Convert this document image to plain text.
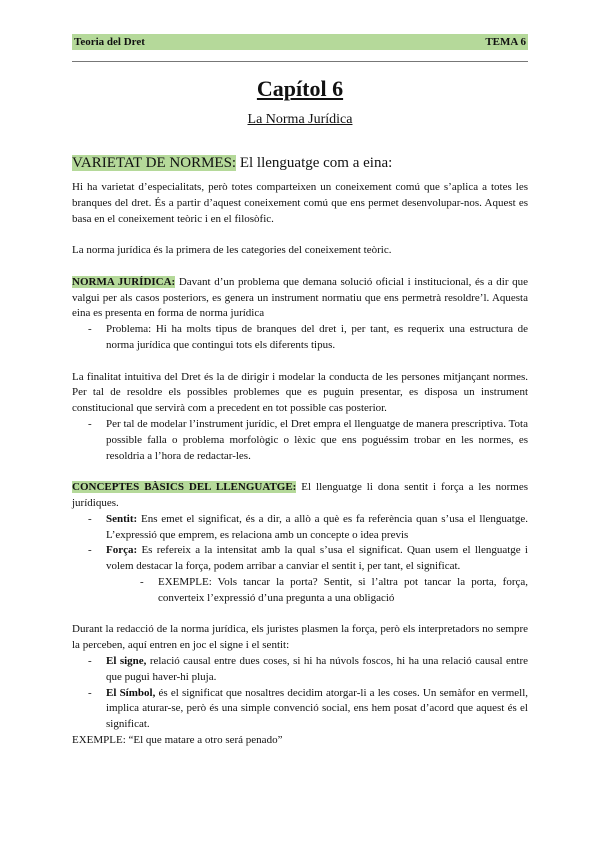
Teoria del Dret	TEMA 6
Capítol 6
La Norma Jurídica
VARIETAT DE NORMES: El llenguatge com a eina:

Hi ha varietat d’especialitats, però totes comparteixen un coneixement comú que s’aplica a totes les branques del dret. És a partir d’aquest coneixement comú que ens permet desenvolupar-nos. Aquest es basa en el coneixement teòric i en el filosòfic.

La norma jurídica és la primera de les categories del coneixement teòric.

NORMA JURÍDICA: Davant d’un problema que demana solució oficial i institucional, és a dir que valgui per als casos posteriors, es genera un instrument normatiu que ens permetrà resoldre’l. Aquesta eina es presenta en forma de norma jurídica

- Problema: Hi ha molts tipus de branques del dret i, per tant, es requerix una estructura de norma jurídica que contingui tots els diferents tipus.

La finalitat intuitiva del Dret és la de dirigir i modelar la conducta de les persones mitjançant normes. Per tal de resoldre els possibles problemes que es puguin presentar, es disposa un instrument constitucional que servirà com a precedent en tot possible cas posterior.

- Per tal de modelar l’instrument jurídic, el Dret empra el llenguatge de manera prescriptiva. Tota possible falla o problema morfològic o lèxic que ens poguéssim trobar en les normes, es resoldria a l’hora de redactar-les.

CONCEPTES BÀSICS DEL LLENGUATGE: El llenguatge li dona sentit i força a les normes jurídiques.

- Sentit: Ens emet el significat, és a dir, a allò a què es fa referència quan s’usa el llenguatge. L’expressió que emprem, es relaciona amb un concepte o idea previs
- Força: Es refereix a la intensitat amb la qual s’usa el significat. Quan usem el llenguatge i volem destacar la força, podem arribar a canviar el sentit i, per tant, el significat.
- EXEMPLE: Vols tancar la porta? Sentit, si l’altra pot tancar la porta, força, converteix l’expressió d’una pregunta a una obligació

Durant la redacció de la norma jurídica, els juristes plasmen la força, però els interpretadors no sempre la perceben, aquí entren en joc el signe i el sentit:

- El signe, relació causal entre dues coses, si hi ha núvols foscos, hi ha una relació causal entre que pugui haver-hi pluja.
- El Símbol, és el significat que nosaltres decidim atorgar-li a les coses. Un semàfor en vermell, implica aturar-se, però és una simple convenció social, ens hem posat d’acord que aquest és el significat.

EXEMPLE: “El que matare a otro será penado”
